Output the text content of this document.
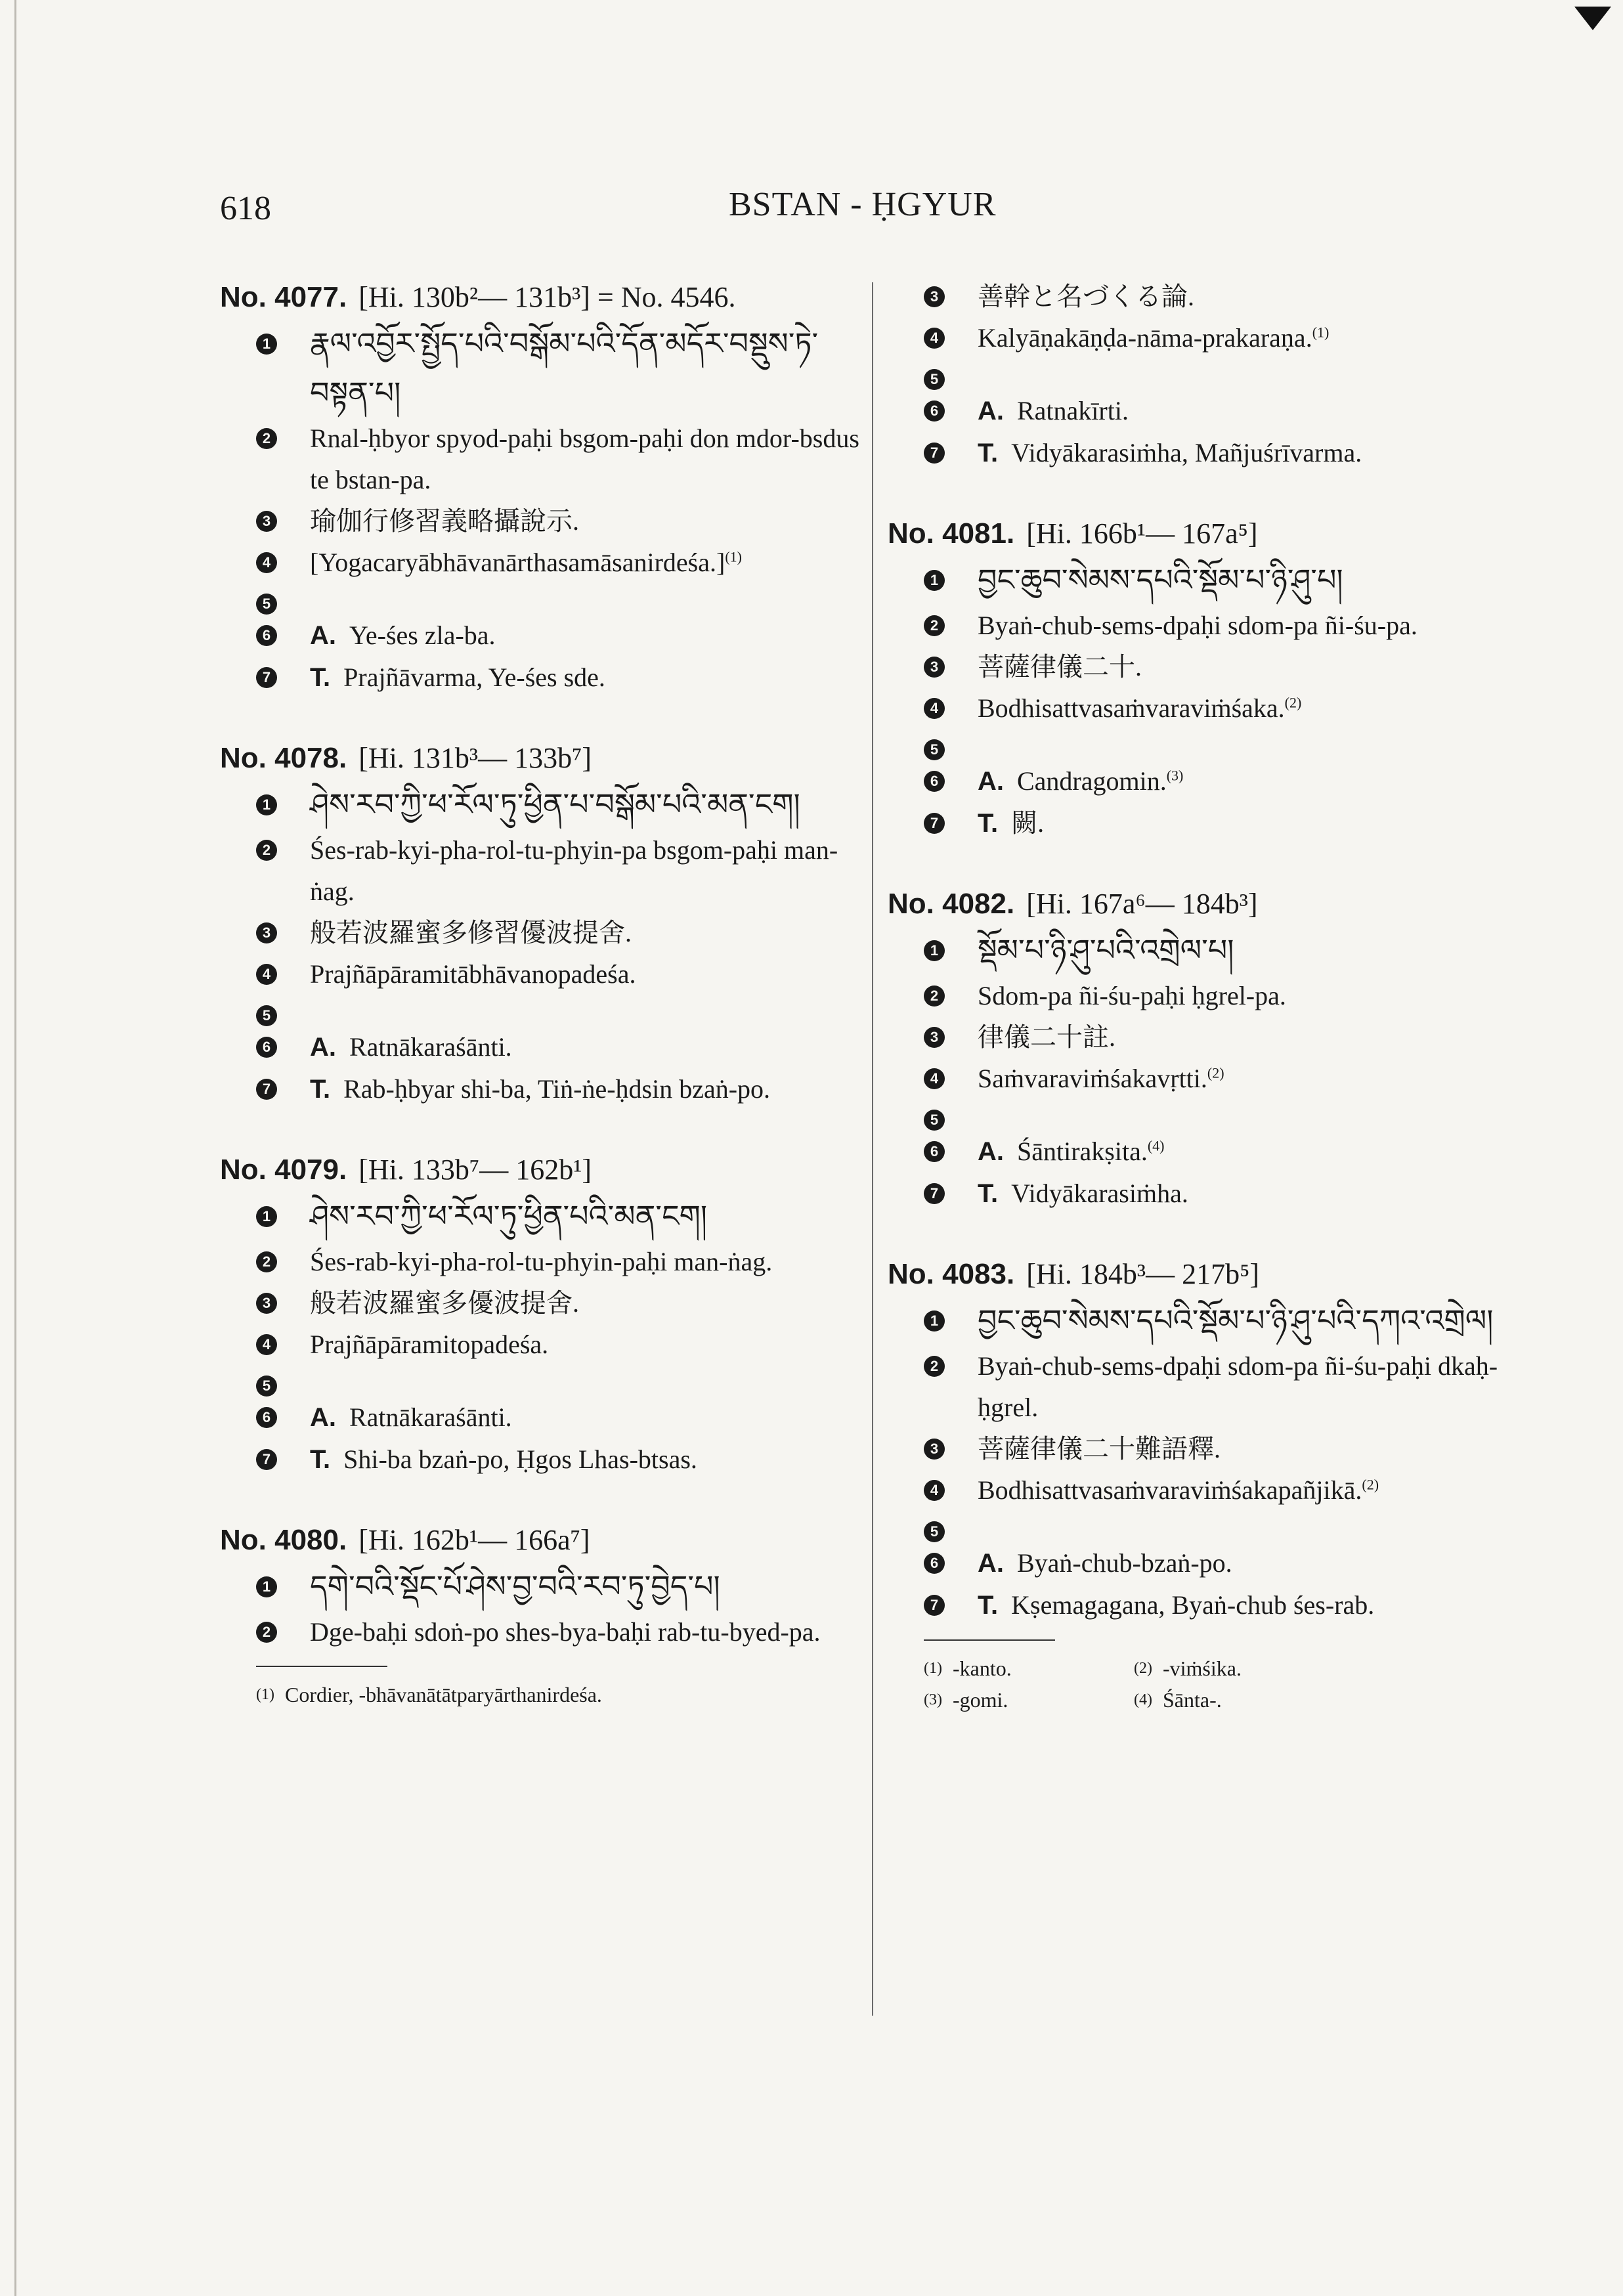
618	BSTAN - ḤGYUR
No. 4077. [Hi. 130b²— 131b³] = No. 4546.
1 རྣལ་འབྱོར་སྤྱོད་པའི་བསྒོམ་པའི་དོན་མདོར་བསྡུས་ཏེ་བསྟན་པ།
2 Rnal-ḥbyor spyod-paḥi bsgom-paḥi don mdor-bsdus te bstan-pa.
3 瑜伽行修習義略攝說示.
4 [Yogacaryābhāvanārthasamāsanirdeśa.]$^{(1)}$
5
6 A. Ye-śes zla-ba.
7 T. Prajñāvarma, Ye-śes sde.
No. 4078. [Hi. 131b³— 133b⁷]
1 ཤེས་རབ་ཀྱི་ཕ་རོལ་ཏུ་ཕྱིན་པ་བསྒོམ་པའི་མན་ངག།
2 Śes-rab-kyi-pha-rol-tu-phyin-pa bsgom-paḥi man-ṅag.
3 般若波羅蜜多修習優波提舍.
4 Prajñāpāramitābhāvanopadeśa.
5
6 A. Ratnākaraśānti.
7 T. Rab-ḥbyar shi-ba, Tiṅ-ṅe-ḥdsin bzaṅ-po.
No. 4079. [Hi. 133b⁷— 162b¹]
1 ཤེས་རབ་ཀྱི་ཕ་རོལ་ཏུ་ཕྱིན་པའི་མན་ངག།
2 Śes-rab-kyi-pha-rol-tu-phyin-paḥi man-ṅag.
3 般若波羅蜜多優波提舍.
4 Prajñāpāramitopadeśa.
5
6 A. Ratnākaraśānti.
7 T. Shi-ba bzaṅ-po, Ḥgos Lhas-btsas.
No. 4080. [Hi. 162b¹— 166a⁷]
1 དགེ་བའི་སྡོང་པོ་ཤེས་བྱ་བའི་རབ་ཏུ་བྱེད་པ།
2 Dge-baḥi sdoṅ-po shes-bya-baḥi rab-tu-byed-pa.
(1) Cordier, -bhāvanātātparyārthanirdeśa.
3 善幹と名づくる論.
4 Kalyāṇakāṇḍa-nāma-prakaraṇa.$^{(1)}$
5
6 A. Ratnakīrti.
7 T. Vidyākarasiṁha, Mañjuśrīvarma.
No. 4081. [Hi. 166b¹— 167a⁵]
1 བྱང་ཆུབ་སེམས་དཔའི་སྡོམ་པ་ཉི་ཤུ་པ།
2 Byaṅ-chub-sems-dpaḥi sdom-pa ñi-śu-pa.
3 菩薩律儀二十.
4 Bodhisattvasaṁvaraviṁśaka.$^{(2)}$
5
6 A. Candragomin.$^{(3)}$
7 T. 闕.
No. 4082. [Hi. 167a⁶— 184b³]
1 སྡོམ་པ་ཉི་ཤུ་པའི་འགྲེལ་པ།
2 Sdom-pa ñi-śu-paḥi ḥgrel-pa.
3 律儀二十註.
4 Saṁvaraviṁśakavṛtti.$^{(2)}$
5
6 A. Śāntirakṣita.$^{(4)}$
7 T. Vidyākarasiṁha.
No. 4083. [Hi. 184b³— 217b⁵]
1 བྱང་ཆུབ་སེམས་དཔའི་སྡོམ་པ་ཉི་ཤུ་པའི་དཀའ་འགྲེལ།
2 Byaṅ-chub-sems-dpaḥi sdom-pa ñi-śu-paḥi dkaḥ-ḥgrel.
3 菩薩律儀二十難語釋.
4 Bodhisattvasaṁvaraviṁśakapañjikā.$^{(2)}$
5
6 A. Byaṅ-chub-bzaṅ-po.
7 T. Kṣemagagana, Byaṅ-chub śes-rab.
(1) -kanto.	(2) -viṁśika.
(3) -gomi.	(4) Śānta-.
